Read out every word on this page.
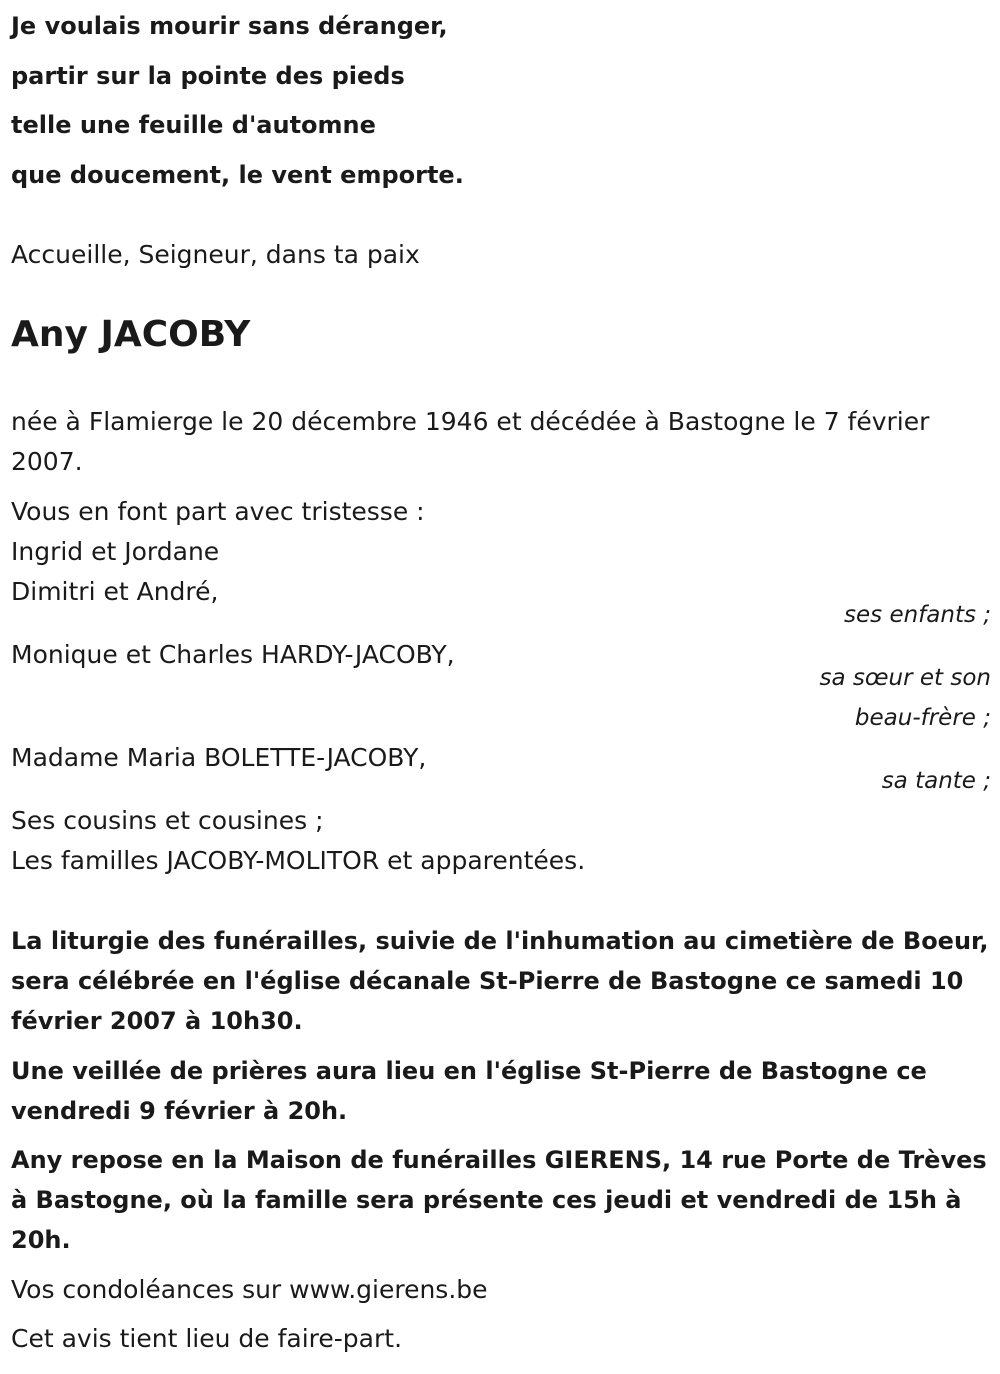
Je voulais mourir sans déranger,
partir sur la pointe des pieds
telle une feuille d'automne
que doucement, le vent emporte.
Accueille, Seigneur, dans ta paix
Any JACOBY
née à Flamierge le 20 décembre 1946 et décédée à Bastogne le 7 février 2007.
Vous en font part avec tristesse :
Ingrid et Jordane
Dimitri et André,
ses enfants ;
Monique et Charles HARDY-JACOBY,
sa sœur et son
beau-frère ;
Madame Maria BOLETTE-JACOBY,
sa tante ;
Ses cousins et cousines ;
Les familles JACOBY-MOLITOR et apparentées.
La liturgie des funérailles, suivie de l'inhumation au cimetière de Boeur, sera célébrée en l'église décanale St-Pierre de Bastogne ce samedi 10 février 2007 à 10h30.
Une veillée de prières aura lieu en l'église St-Pierre de Bastogne ce vendredi 9 février à 20h.
Any repose en la Maison de funérailles GIERENS, 14 rue Porte de Trèves à Bastogne, où la famille sera présente ces jeudi et vendredi de 15h à 20h.
Vos condoléances sur www.gierens.be
Cet avis tient lieu de faire-part.
